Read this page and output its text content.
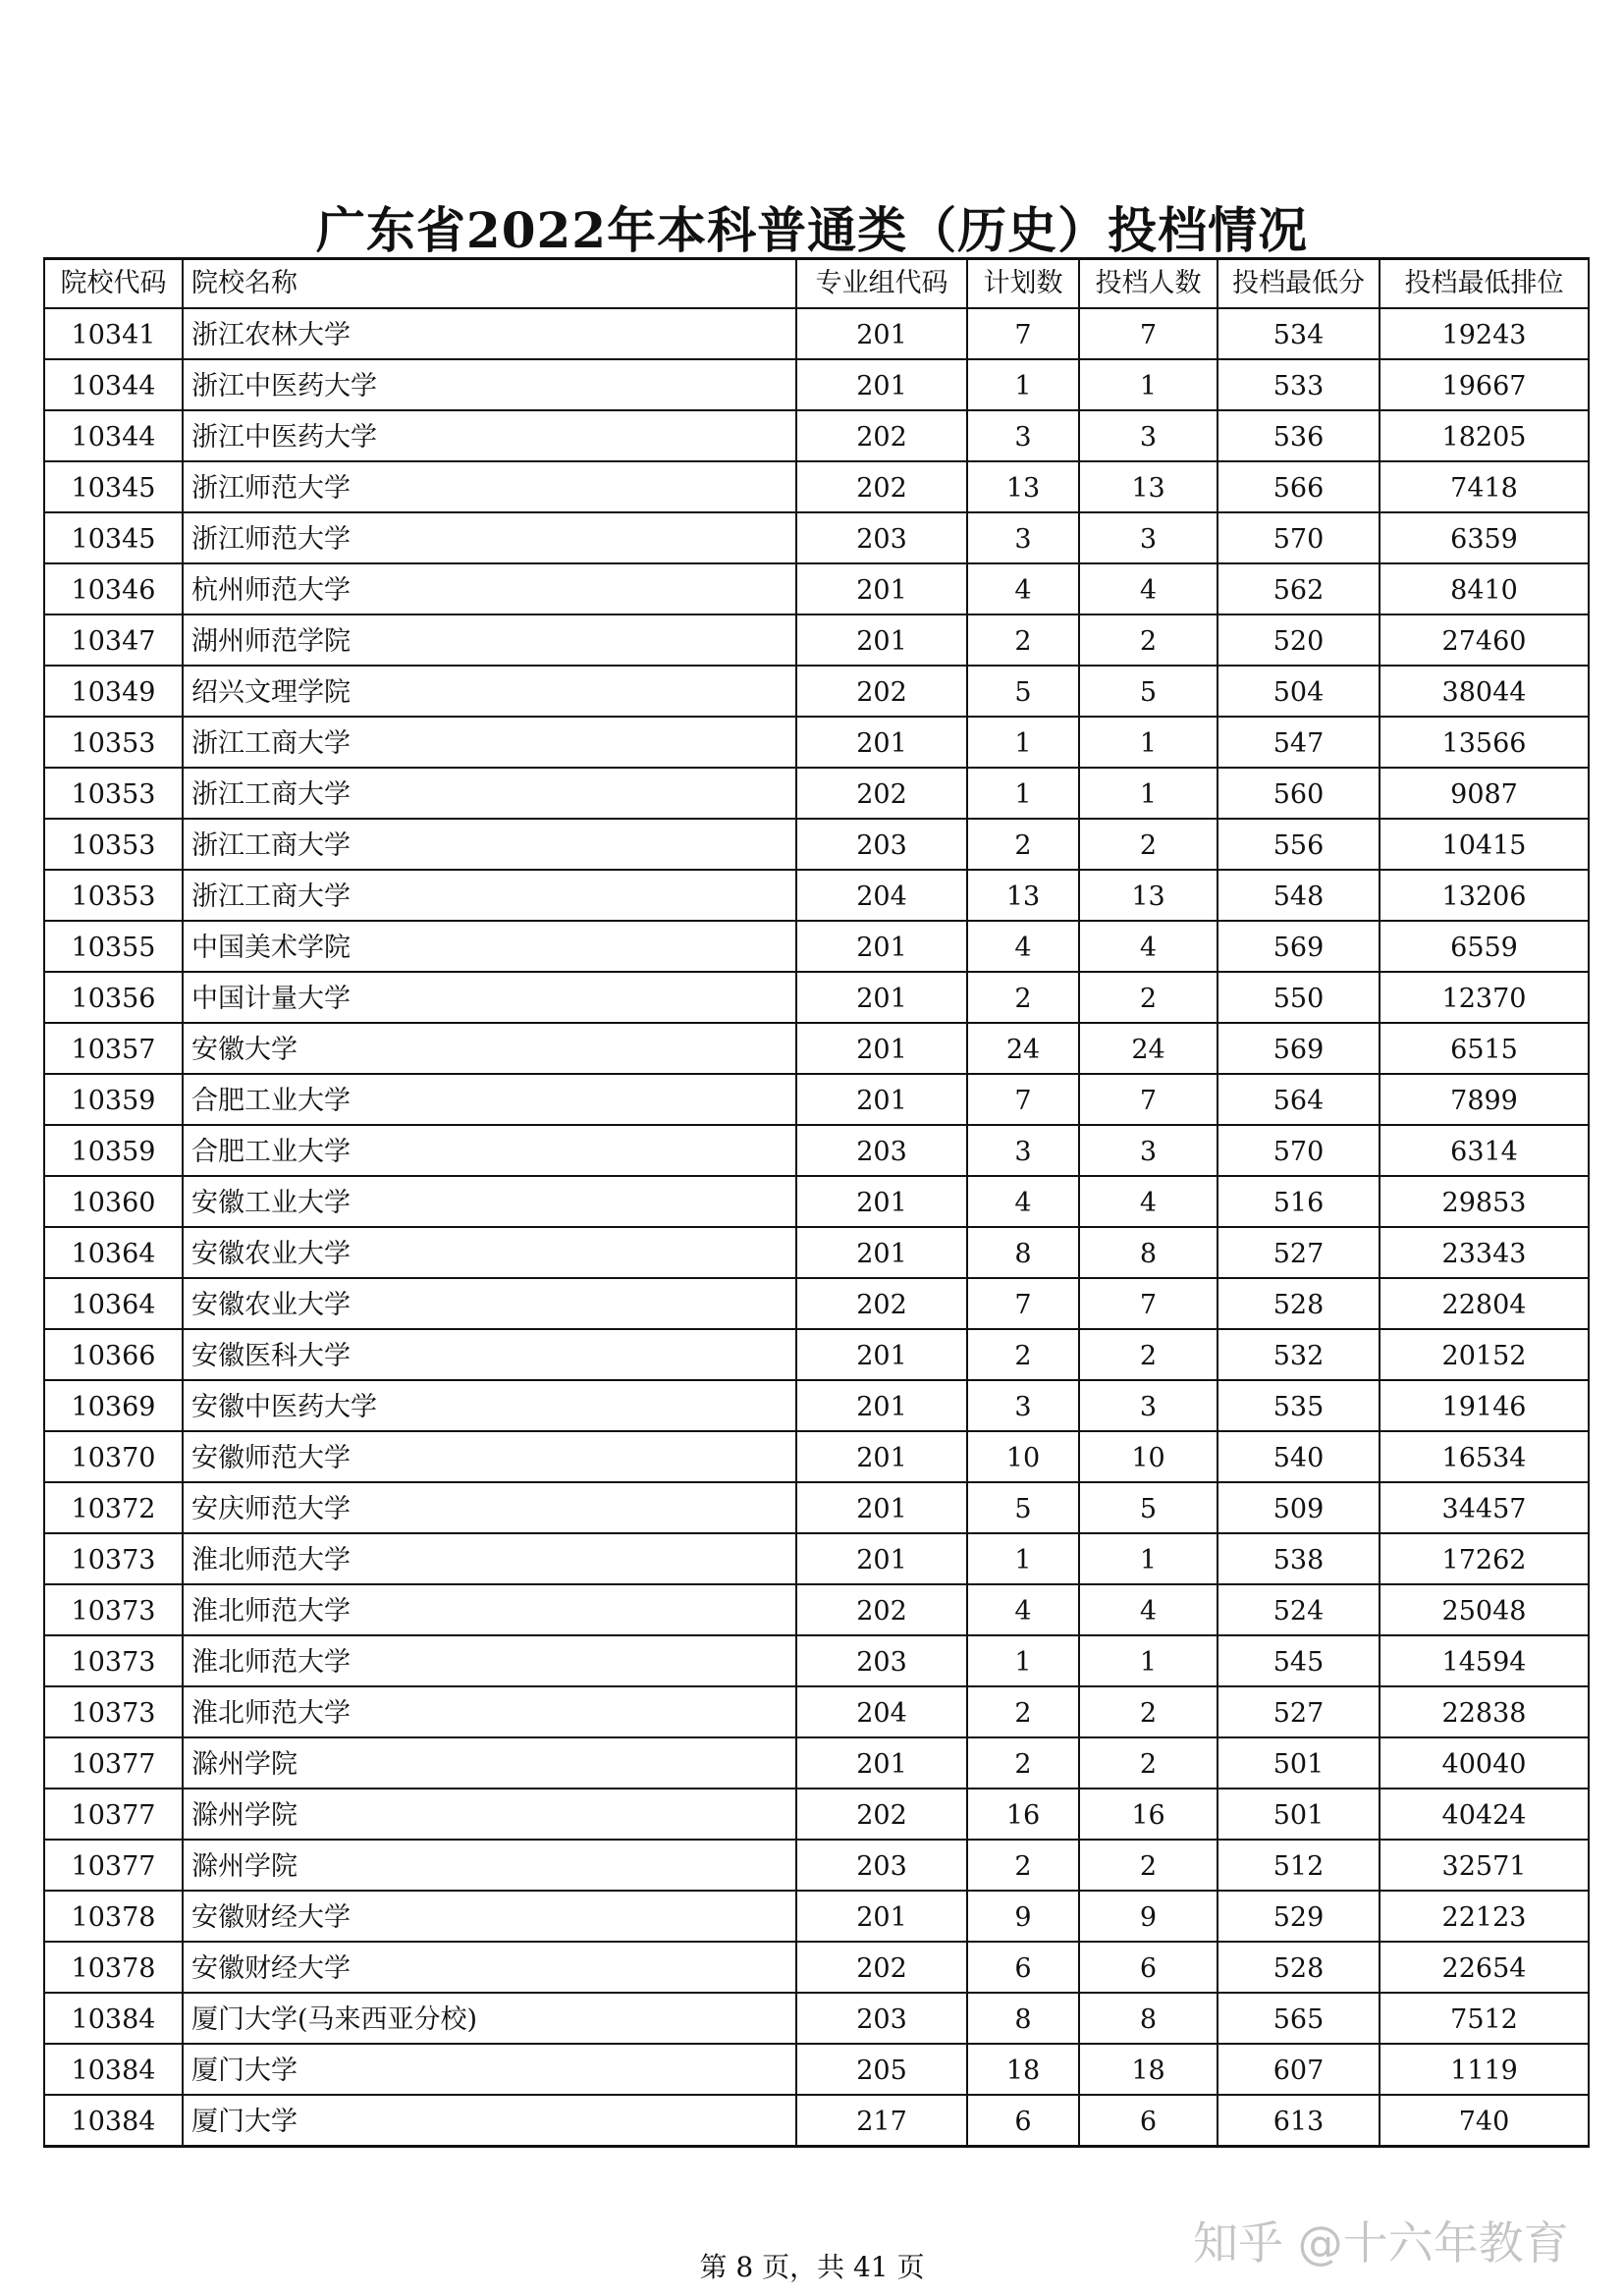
广东省2022年本科普通类（历史）投档情况
院校代码	院校名称	专业组代码	计划数	投档人数	投档最低分	投档最低排位
10341	浙江农林大学	201	7	7	534	19243
10344	浙江中医药大学	201	1	1	533	19667
10344	浙江中医药大学	202	3	3	536	18205
10345	浙江师范大学	202	13	13	566	7418
10345	浙江师范大学	203	3	3	570	6359
10346	杭州师范大学	201	4	4	562	8410
10347	湖州师范学院	201	2	2	520	27460
10349	绍兴文理学院	202	5	5	504	38044
10353	浙江工商大学	201	1	1	547	13566
10353	浙江工商大学	202	1	1	560	9087
10353	浙江工商大学	203	2	2	556	10415
10353	浙江工商大学	204	13	13	548	13206
10355	中国美术学院	201	4	4	569	6559
10356	中国计量大学	201	2	2	550	12370
10357	安徽大学	201	24	24	569	6515
10359	合肥工业大学	201	7	7	564	7899
10359	合肥工业大学	203	3	3	570	6314
10360	安徽工业大学	201	4	4	516	29853
10364	安徽农业大学	201	8	8	527	23343
10364	安徽农业大学	202	7	7	528	22804
10366	安徽医科大学	201	2	2	532	20152
10369	安徽中医药大学	201	3	3	535	19146
10370	安徽师范大学	201	10	10	540	16534
10372	安庆师范大学	201	5	5	509	34457
10373	淮北师范大学	201	1	1	538	17262
10373	淮北师范大学	202	4	4	524	25048
10373	淮北师范大学	203	1	1	545	14594
10373	淮北师范大学	204	2	2	527	22838
10377	滁州学院	201	2	2	501	40040
10377	滁州学院	202	16	16	501	40424
10377	滁州学院	203	2	2	512	32571
10378	安徽财经大学	201	9	9	529	22123
10378	安徽财经大学	202	6	6	528	22654
10384	厦门大学(马来西亚分校)	203	8	8	565	7512
10384	厦门大学	205	18	18	607	1119
10384	厦门大学	217	6	6	613	740
第 8 页，共 41 页	知乎 @十六年教育
